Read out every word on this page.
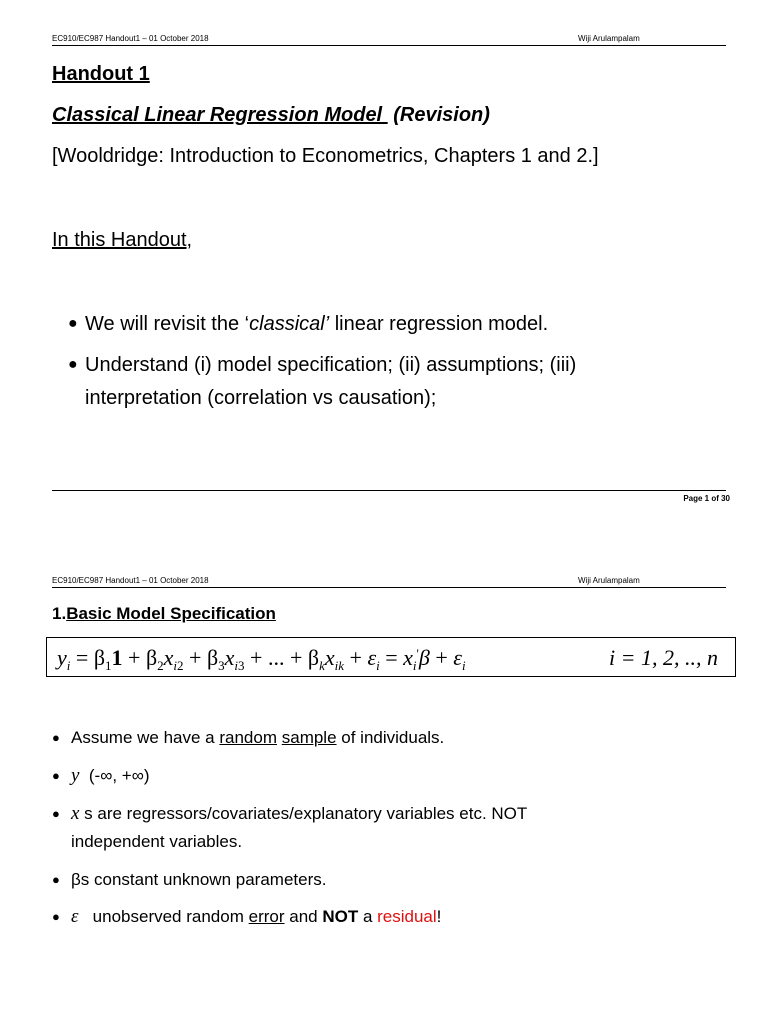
EC910/EC987 Handout1 – 01 October 2018	Wiji Arulampalam
Handout 1
Classical Linear Regression Model  (Revision)
[Wooldridge: Introduction to Econometrics, Chapters 1 and 2.]
In this Handout,
● We will revisit the ‘classical’ linear regression model.
● Understand (i) model specification; (ii) assumptions; (iii)
interpretation (correlation vs causation);
Page 1 of 30
EC910/EC987 Handout1 – 01 October 2018	Wiji Arulampalam
1.Basic Model Specification
$y_i = \beta_11 + \beta_2x_i2 + \beta_3x_i3$ + ... + $\beta_kx_{ik} + \varepsilon_i = x_i'\beta + \varepsilon_i$	i = 1, 2, .., n
● Assume we have a random sample of individuals.
● y (-∞, +∞)
● x s are regressors/covariates/explanatory variables etc. NOT
independent variables.
● βs constant unknown parameters.
● ε unobserved random error and NOT a residual!
